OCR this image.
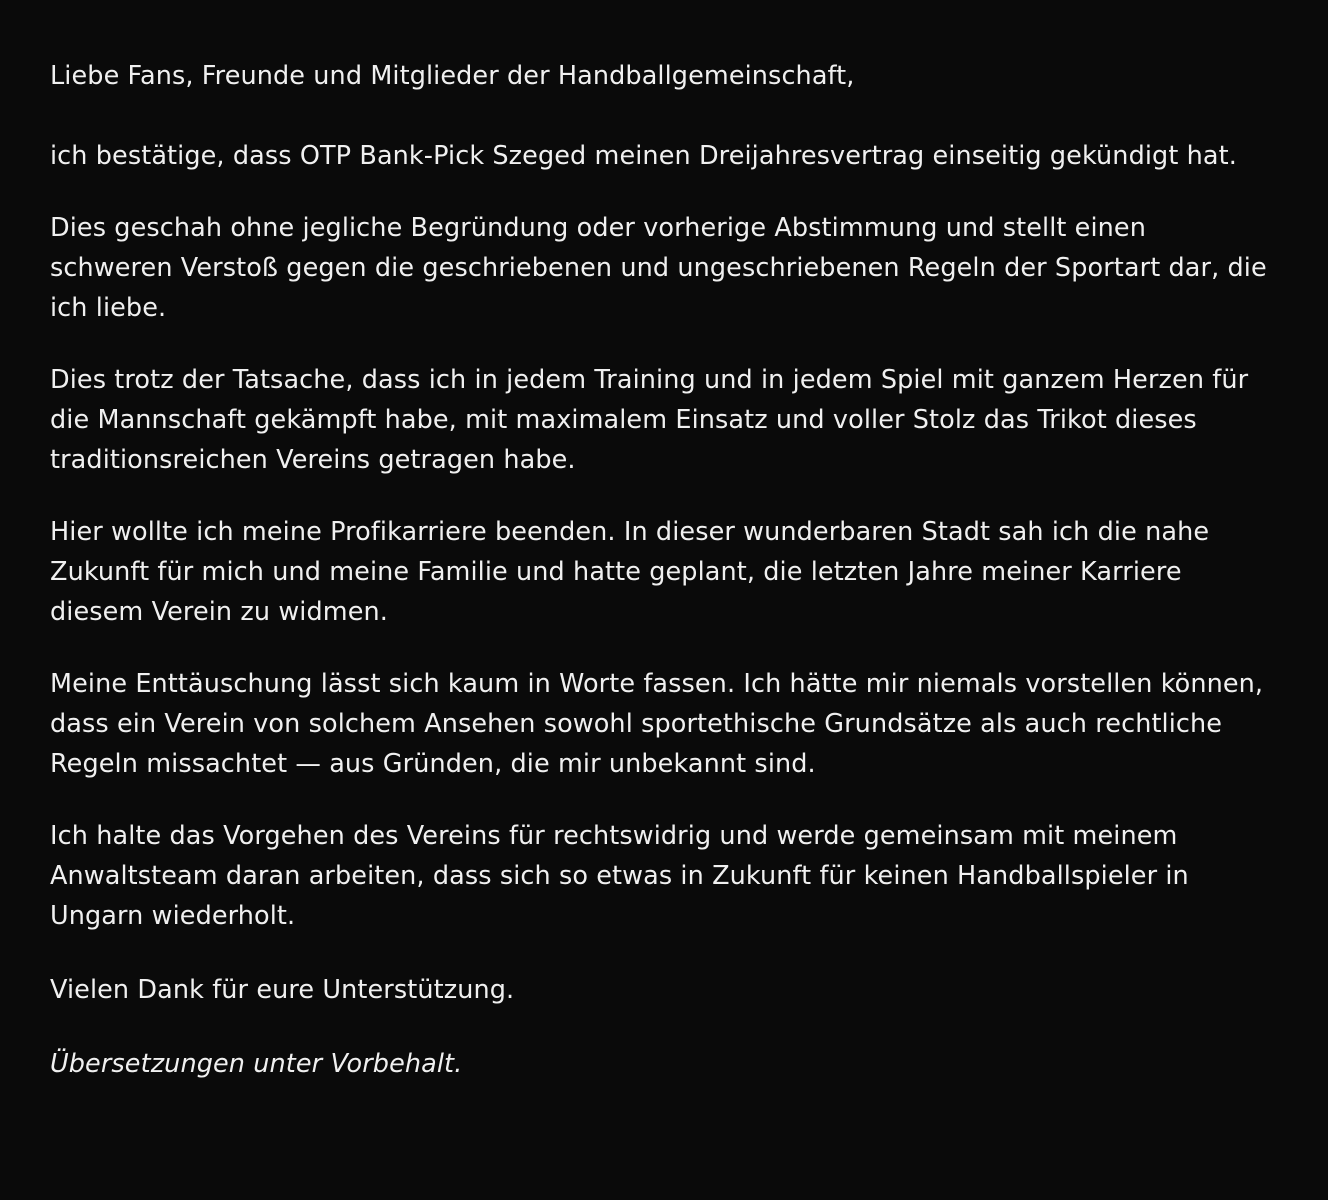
Liebe Fans, Freunde und Mitglieder der Handballgemeinschaft,

ich bestätige, dass OTP Bank-Pick Szeged meinen Dreijahresvertrag einseitig gekündigt hat.

Dies geschah ohne jegliche Begründung oder vorherige Abstimmung und stellt einen schweren Verstoß gegen die geschriebenen und ungeschriebenen Regeln der Sportart dar, die ich liebe.

Dies trotz der Tatsache, dass ich in jedem Training und in jedem Spiel mit ganzem Herzen für die Mannschaft gekämpft habe, mit maximalem Einsatz und voller Stolz das Trikot dieses traditionsreichen Vereins getragen habe.

Hier wollte ich meine Profikarriere beenden. In dieser wunderbaren Stadt sah ich die nahe Zukunft für mich und meine Familie und hatte geplant, die letzten Jahre meiner Karriere diesem Verein zu widmen.

Meine Enttäuschung lässt sich kaum in Worte fassen. Ich hätte mir niemals vorstellen können, dass ein Verein von solchem Ansehen sowohl sportethische Grundsätze als auch rechtliche Regeln missachtet — aus Gründen, die mir unbekannt sind.

Ich halte das Vorgehen des Vereins für rechtswidrig und werde gemeinsam mit meinem Anwaltsteam daran arbeiten, dass sich so etwas in Zukunft für keinen Handballspieler in Ungarn wiederholt.

Vielen Dank für eure Unterstützung.

Übersetzungen unter Vorbehalt.
